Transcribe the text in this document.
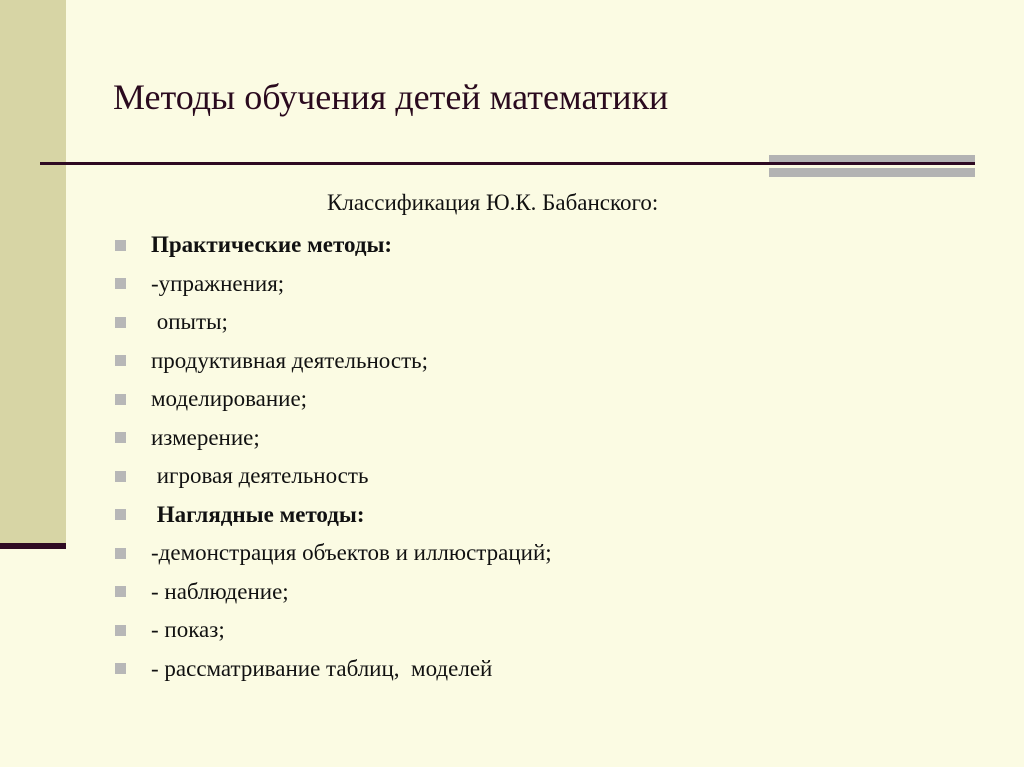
Методы обучения детей математики
Классификация Ю.К. Бабанского:
Практические методы:
-упражнения;
опыты;
продуктивная деятельность;
моделирование;
измерение;
игровая деятельность
Наглядные методы:
-демонстрация объектов и иллюстраций;
- наблюдение;
- показ;
- рассматривание таблиц,  моделей
